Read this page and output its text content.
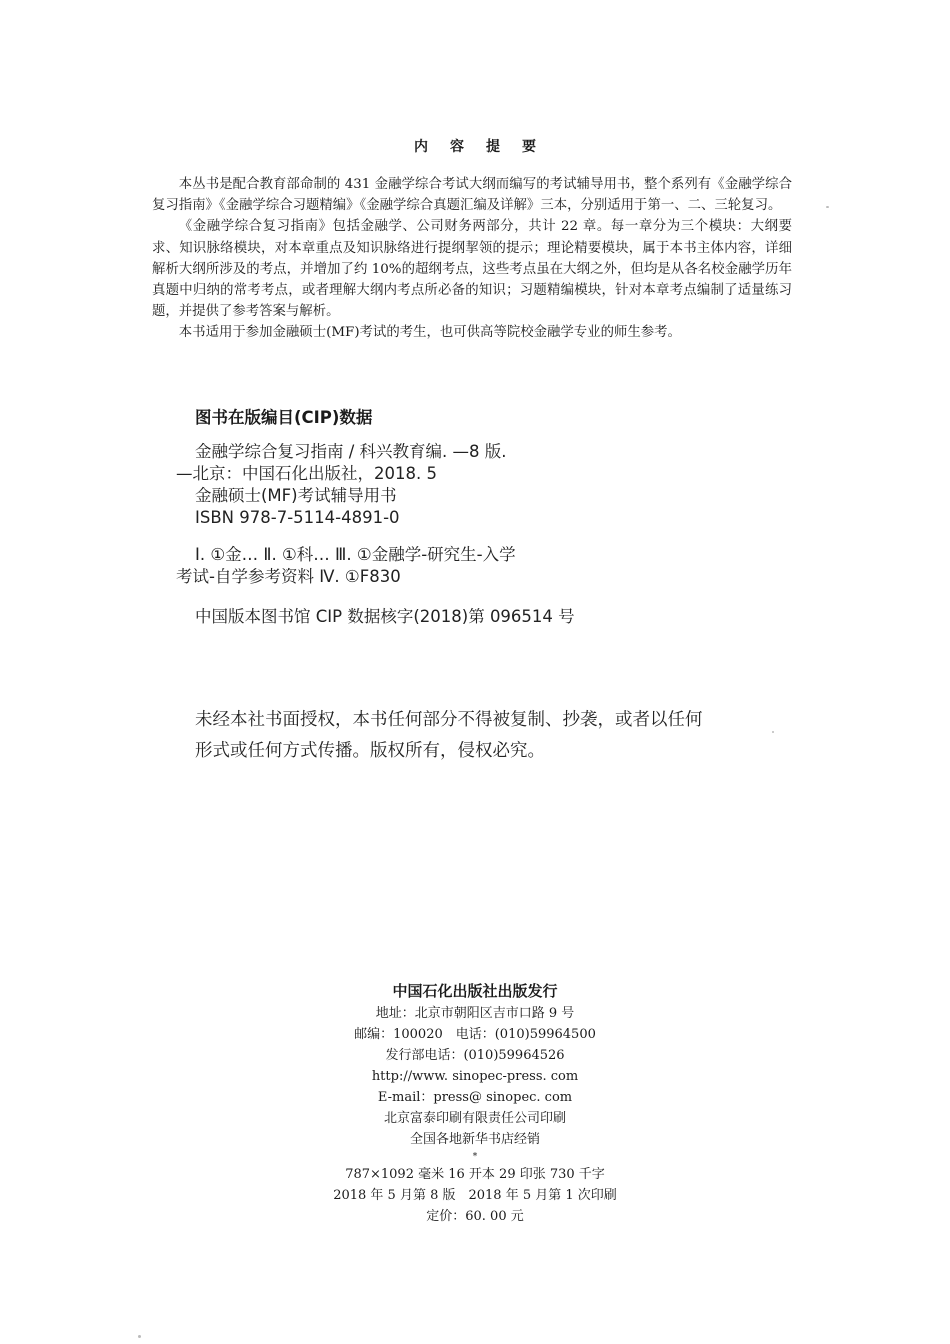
内容提要

本丛书是配合教育部命制的 431 金融学综合考试大纲而编写的考试辅导用书，整个系列有《金融学综合复习指南》《金融学综合习题精编》《金融学综合真题汇编及详解》三本，分别适用于第一、二、三轮复习。

《金融学综合复习指南》包括金融学、公司财务两部分，共计 22 章。每一章分为三个模块：大纲要求、知识脉络模块，对本章重点及知识脉络进行提纲挈领的提示；理论精要模块，属于本书主体内容，详细解析大纲所涉及的考点，并增加了约 10%的超纲考点，这些考点虽在大纲之外，但均是从各名校金融学历年真题中归纳的常考考点，或者理解大纲内考点所必备的知识；习题精编模块，针对本章考点编制了适量练习题，并提供了参考答案与解析。

本书适用于参加金融硕士(MF)考试的考生，也可供高等院校金融学专业的师生参考。

图书在版编目(CIP)数据
金融学综合复习指南 / 科兴教育编. —8 版.
—北京：中国石化出版社，2018. 5
金融硕士(MF)考试辅导用书
ISBN 978-7-5114-4891-0
Ⅰ. ①金… Ⅱ. ①科… Ⅲ. ①金融学-研究生-入学
考试-自学参考资料 Ⅳ. ①F830
中国版本图书馆 CIP 数据核字(2018)第 096514 号
未经本社书面授权，本书任何部分不得被复制、抄袭，或者以任何
形式或任何方式传播。版权所有，侵权必究。
中国石化出版社出版发行
地址：北京市朝阳区吉市口路 9 号
邮编：100020　电话：(010)59964500
发行部电话：(010)59964526
http://www. sinopec-press. com
E-mail：press@ sinopec. com
北京富泰印刷有限责任公司印刷
全国各地新华书店经销
*
787×1092 毫米 16 开本 29 印张 730 千字
2018 年 5 月第 8 版　2018 年 5 月第 1 次印刷
定价：60. 00 元
